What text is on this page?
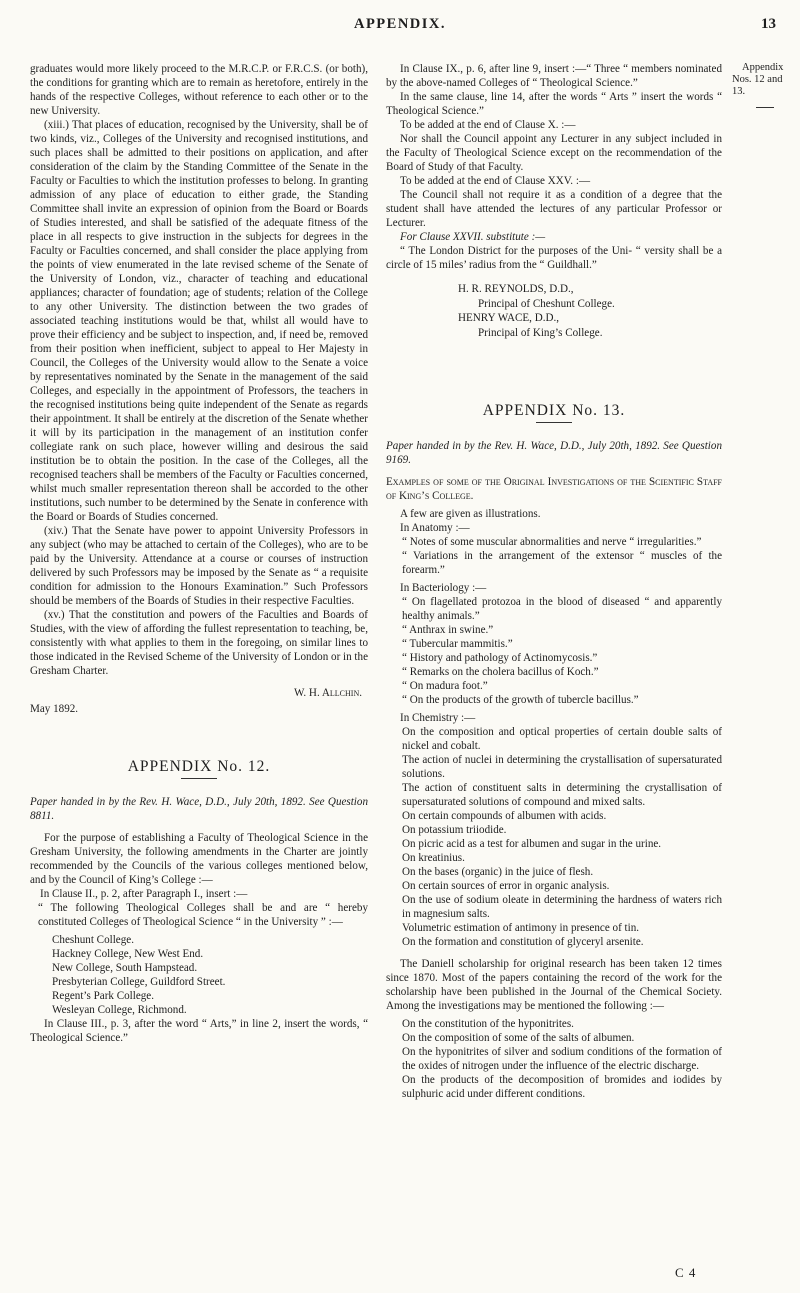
APPENDIX.	13
Appendix
Nos. 12 and 13.

graduates would more likely proceed to the M.R.C.P. or F.R.C.S. (or both), the conditions for granting which are to remain as heretofore, entirely in the hands of the respective Colleges, without reference to each other or to the new University.

(xiii.) That places of education, recognised by the University, shall be of two kinds, viz., Colleges of the University and recognised institutions, and such places shall be admitted to their positions on application, and after consideration of the claim by the Standing Committee of the Senate in the Faculty or Faculties to which the institution professes to belong. In granting admission of any place of education to either grade, the Standing Committee shall invite an expression of opinion from the Board or Boards of Studies interested, and shall be satisfied of the adequate fitness of the place in all respects to give instruction in the subjects for degrees in the Faculty or Faculties concerned, and shall consider the place applying from the points of view enumerated in the late revised scheme of the Senate of the University of London, viz., character of teaching and educational appliances; character of foundation; age of students; relation of the College to any other University. The distinction between the two grades of associated teaching institutions would be that, whilst all would have to prove their efficiency and be subject to inspection, and, if need be, removed from their position when inefficient, subject to appeal to Her Majesty in Council, the Colleges of the University would allow to the Senate a voice by representatives nominated by the Senate in the management of the said Colleges, and especially in the appointment of Professors, the teachers in the recognised institutions being quite independent of the Senate as regards their appointment. It shall be entirely at the discretion of the Senate whether it will by its participation in the management of an institution confer collegiate rank on such place, however willing and desirous the said institution be to obtain the position. In the case of the Colleges, all the recognised teachers shall be members of the Faculty or Faculties concerned, whilst much smaller representation thereon shall be accorded to the other institutions, such number to be determined by the Senate in conference with the Board or Boards of Studies concerned.

(xiv.) That the Senate have power to appoint University Professors in any subject (who may be attached to certain of the Colleges), who are to be paid by the University. Attendance at a course or courses of instruction delivered by such Professors may be imposed by the Senate as “ a requisite condition for admission to the Honours Examination.” Such Professors should be members of the Boards of Studies in their respective Faculties.

(xv.) That the constitution and powers of the Faculties and Boards of Studies, with the view of affording the fullest representation to teaching, be, consistently with what applies to them in the foregoing, on similar lines to those indicated in the Revised Scheme of the University of London or in the Gresham Charter.

W. H. Allchin.

May 1892.

APPENDIX No. 12.

Paper handed in by the Rev. H. Wace, D.D., July 20th, 1892. See Question 8811.

For the purpose of establishing a Faculty of Theological Science in the Gresham University, the following amendments in the Charter are jointly recommended by the Councils of the various colleges mentioned below, and by the Council of King’s College :—

In Clause II., p. 2, after Paragraph I., insert :—

“ The following Theological Colleges shall be and are “ hereby constituted Colleges of Theological Science “ in the University ” :—

Cheshunt College.

Hackney College, New West End.

New College, South Hampstead.

Presbyterian College, Guildford Street.

Regent’s Park College.

Wesleyan College, Richmond.

In Clause III., p. 3, after the word “ Arts,” in line 2, insert the words, “ Theological Science.”

In Clause IX., p. 6, after line 9, insert :—“ Three “ members nominated by the above-named Colleges of “ Theological Science.”

In the same clause, line 14, after the words “ Arts ” insert the words “ Theological Science.”

To be added at the end of Clause X. :—

Nor shall the Council appoint any Lecturer in any subject included in the Faculty of Theological Science except on the recommendation of the Board of Study of that Faculty.

To be added at the end of Clause XXV. :—

The Council shall not require it as a condition of a degree that the student shall have attended the lectures of any particular Professor or Lecturer.

For Clause XXVII. substitute :—

“ The London District for the purposes of the Uni- “ versity shall be a circle of 15 miles’ radius from the “ Guildhall.”

H. R. REYNOLDS, D.D.,
Principal of Cheshunt College.
HENRY WACE, D.D.,
Principal of King’s College.
APPENDIX No. 13.

Paper handed in by the Rev. H. Wace, D.D., July 20th, 1892. See Question 9169.

Examples of some of the Original Investigations of the Scientific Staff of King’s College.

A few are given as illustrations.

In Anatomy :—

“ Notes of some muscular abnormalities and nerve “ irregularities.”

“ Variations in the arrangement of the extensor “ muscles of the forearm.”

In Bacteriology :—

“ On flagellated protozoa in the blood of diseased “ and apparently healthy animals.”

“ Anthrax in swine.”

“ Tubercular mammitis.”

“ History and pathology of Actinomycosis.”

“ Remarks on the cholera bacillus of Koch.”

“ On madura foot.”

“ On the products of the growth of tubercle bacillus.”

In Chemistry :—

On the composition and optical properties of certain double salts of nickel and cobalt.

The action of nuclei in determining the crystallisation of supersaturated solutions.

The action of constituent salts in determining the crystallisation of supersaturated solutions of compound and mixed salts.

On certain compounds of albumen with acids.

On potassium triiodide.

On picric acid as a test for albumen and sugar in the urine.

On kreatinius.

On the bases (organic) in the juice of flesh.

On certain sources of error in organic analysis.

On the use of sodium oleate in determining the hardness of waters rich in magnesium salts.

Volumetric estimation of antimony in presence of tin.

On the formation and constitution of glyceryl arsenite.

The Daniell scholarship for original research has been taken 12 times since 1870. Most of the papers containing the record of the work for the scholarship have been published in the Journal of the Chemical Society. Among the investigations may be mentioned the following :—

On the constitution of the hyponitrites.

On the composition of some of the salts of albumen.

On the hyponitrites of silver and sodium conditions of the formation of the oxides of nitrogen under the influence of the electric discharge.

On the products of the decomposition of bromides and iodides by sulphuric acid under different conditions.

C 4
